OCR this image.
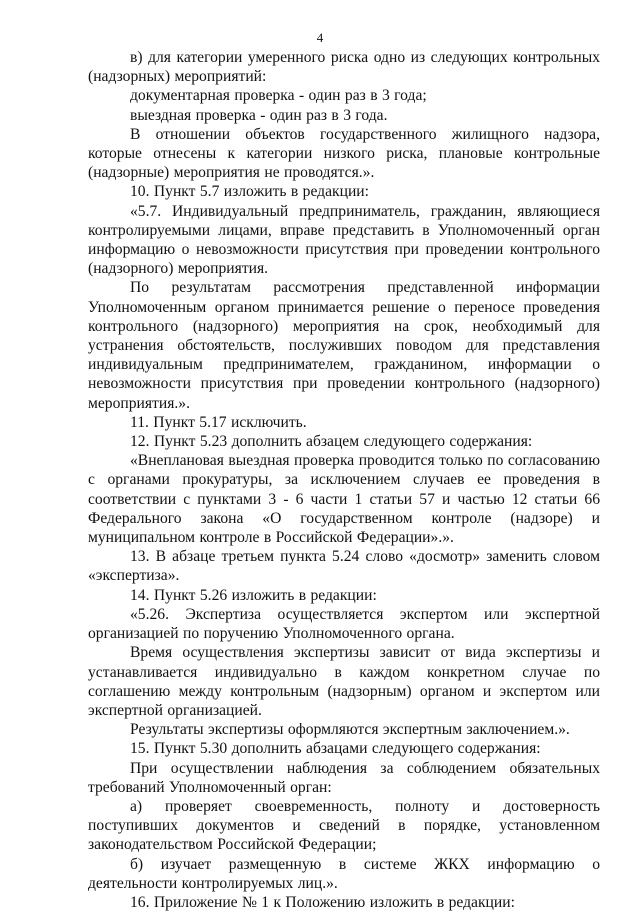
4

в) для категории умеренного риска одно из следующих контрольных (надзорных) мероприятий:

документарная проверка - один раз в 3 года;

выездная проверка - один раз в 3 года.

В отношении объектов государственного жилищного надзора, которые отнесены к категории низкого риска, плановые контрольные (надзорные) мероприятия не проводятся.».

10. Пункт 5.7 изложить в редакции:

«5.7. Индивидуальный предприниматель, гражданин, являющиеся контролируемыми лицами, вправе представить в Уполномоченный орган информацию о невозможности присутствия при проведении контрольного (надзорного) мероприятия.

По результатам рассмотрения представленной информации Уполномоченным органом принимается решение о переносе проведения контрольного (надзорного) мероприятия на срок, необходимый для устранения обстоятельств, послуживших поводом для представления индивидуальным предпринимателем, гражданином, информации о невозможности присутствия при проведении контрольного (надзорного) мероприятия.».

11. Пункт 5.17 исключить.

12. Пункт 5.23 дополнить абзацем следующего содержания:

«Внеплановая выездная проверка проводится только по согласованию с органами прокуратуры, за исключением случаев ее проведения в соответствии с пунктами 3 - 6 части 1 статьи 57 и частью 12 статьи 66 Федерального закона «О государственном контроле (надзоре) и муниципальном контроле в Российской Федерации».».

13. В абзаце третьем пункта 5.24 слово «досмотр» заменить словом «экспертиза».

14. Пункт 5.26 изложить в редакции:

«5.26. Экспертиза осуществляется экспертом или экспертной организацией по поручению Уполномоченного органа.

Время осуществления экспертизы зависит от вида экспертизы и устанавливается индивидуально в каждом конкретном случае по соглашению между контрольным (надзорным) органом и экспертом или экспертной организацией.

Результаты экспертизы оформляются экспертным заключением.».

15. Пункт 5.30 дополнить абзацами следующего содержания:

При осуществлении наблюдения за соблюдением обязательных требований Уполномоченный орган:

а) проверяет своевременность, полноту и достоверность поступивших документов и сведений в порядке, установленном законодательством Российской Федерации;

б) изучает размещенную в системе ЖКХ информацию о деятельности контролируемых лиц.».

16. Приложение № 1 к Положению изложить в редакции:
